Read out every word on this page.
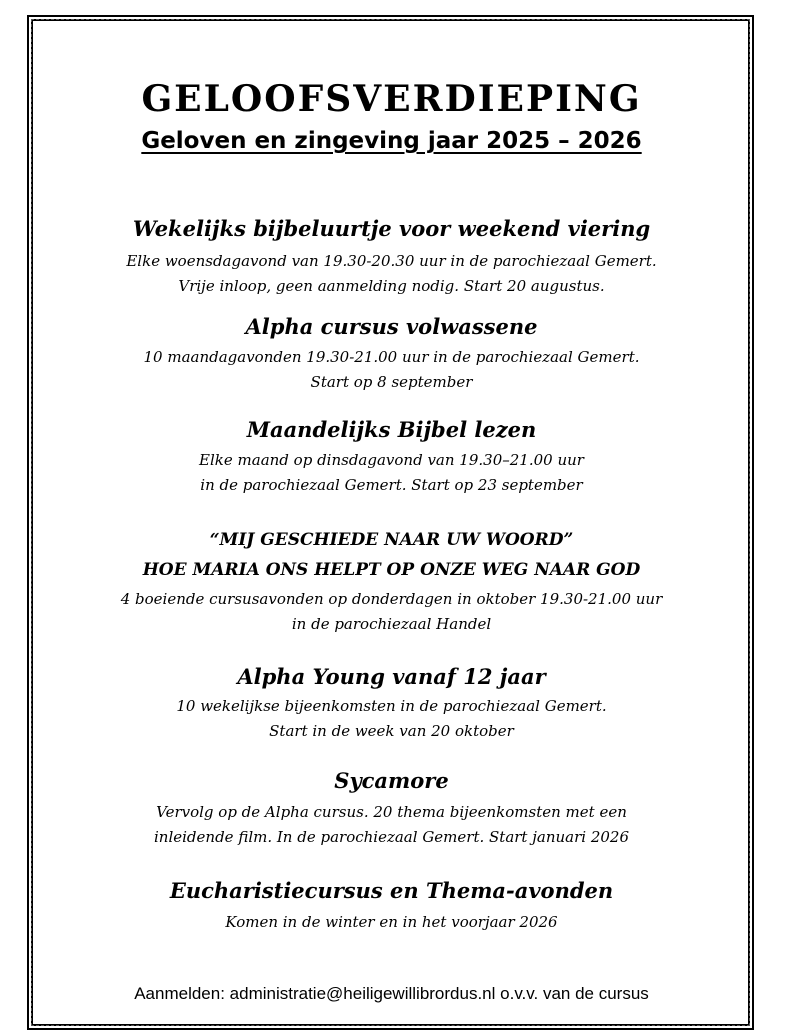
GELOOFSVERDIEPING
Geloven en zingeving jaar 2025 – 2026
Wekelijks bijbeluurtje voor weekend viering
Elke woensdagavond van 19.30-20.30 uur in de parochiezaal Gemert.
Vrije inloop, geen aanmelding nodig. Start 20 augustus.
Alpha cursus volwassene
10 maandagavonden 19.30-21.00 uur in de parochiezaal Gemert.
Start op 8 september
Maandelijks Bijbel lezen
Elke maand op dinsdagavond van 19.30–21.00 uur
in de parochiezaal Gemert. Start op 23 september
“MIJ GESCHIEDE NAAR UW WOORD”
HOE MARIA ONS HELPT OP ONZE WEG NAAR GOD
4 boeiende cursusavonden op donderdagen in oktober 19.30-21.00 uur
in de parochiezaal Handel
Alpha Young vanaf 12 jaar
10 wekelijkse bijeenkomsten in de parochiezaal Gemert.
Start in de week van 20 oktober
Sycamore
Vervolg op de Alpha cursus. 20 thema bijeenkomsten met een
inleidende film. In de parochiezaal Gemert. Start januari 2026
Eucharistiecursus en Thema-avonden
Komen in de winter en in het voorjaar 2026
Aanmelden: administratie@heiligewillibrordus.nl o.v.v. van de cursus
